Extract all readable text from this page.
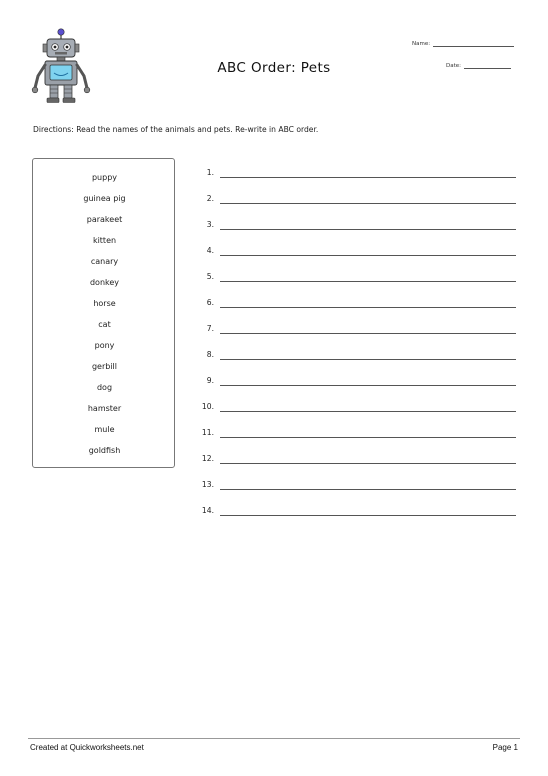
ABC Order: Pets
Name:
Date:
Directions: Read the names of the animals and pets. Re-write in ABC order.
puppy
guinea pig
parakeet
kitten
canary
donkey
horse
cat
pony
gerbill
dog
hamster
mule
goldfish
1.
2.
3.
4.
5.
6.
7.
8.
9.
10.
11.
12.
13.
14.
Created at Quickworksheets.net	Page 1
